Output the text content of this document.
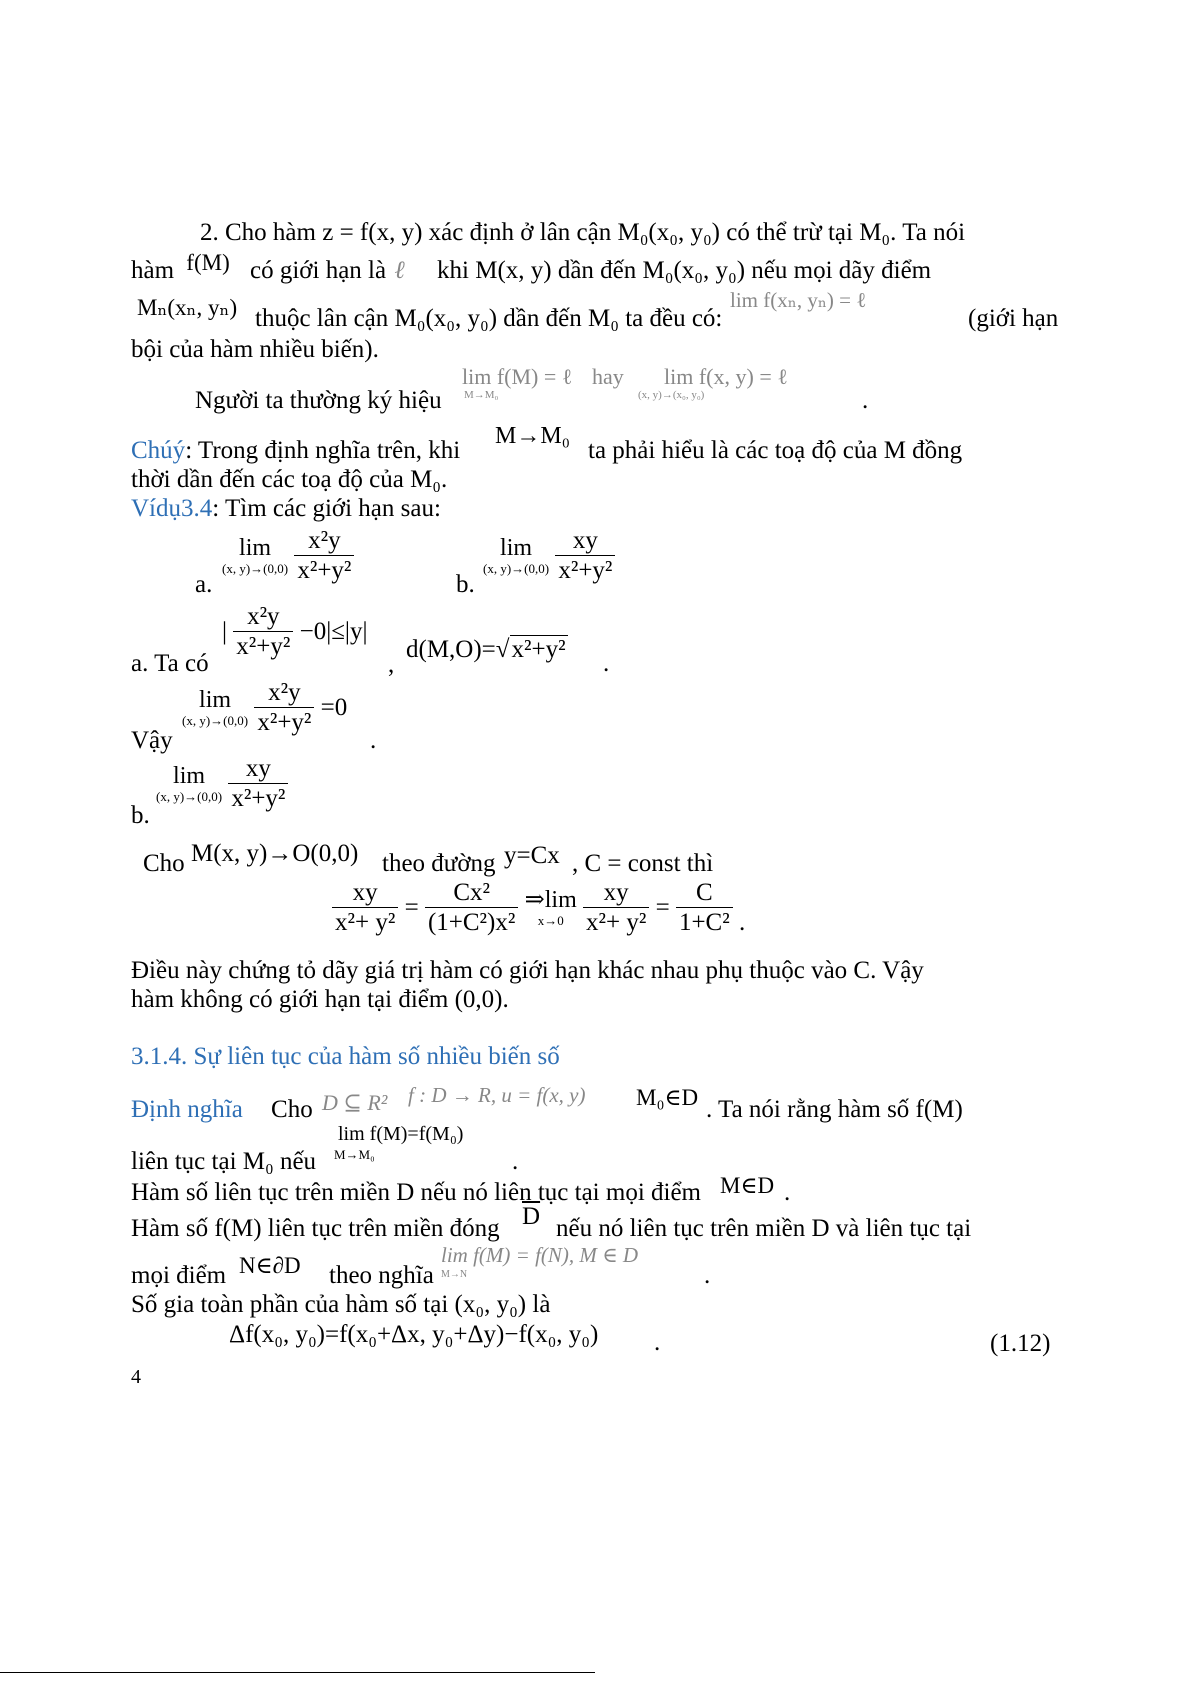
2. Cho hàm z = f(x, y) xác định ở lân cận M₀(x₀, y₀) có thể trừ tại M₀. Ta nói
hàm f(M) có giới hạn là ℓ khi M(x, y) dần đến M₀(x₀, y₀) nếu mọi dãy điểm
Mₙ(xₙ, yₙ) thuộc lân cận M₀(x₀, y₀) dần đến M₀ ta đều có:
lim f(xₙ, yₙ) = ℓ
(giới hạn
bội của hàm nhiều biến).
Người ta thường ký hiệu
lim f(M) = ℓ
M→M₀
hay lim f(x, y) = ℓ
(x, y)→(x₀, y₀)	.
Chúý: Trong định nghĩa trên, khi
M→M₀
ta phải hiểu là các toạ độ của M đồng
thời dần đến các toạ độ của M₀.
Vídụ3.4: Tìm các giới hạn sau:
a.
lim
(x, y)→(0,0)
$\frac{\text{x²y}}{\text{x²+y²}}$
b.
lim
(x, y)→(0,0)
$\frac{xy}{\text{x²+y²}}$
a. Ta có
| $\frac{\text{x²y}}{\text{x²+y²}} -0|\le|y|$
,
d(M,O)=√x²+y²
.
Vậy
lim
(x, y)→(0,0)
$\frac{\text{x²y}}{\text{x²+y²}} =0$
.
b.
lim
(x, y)→(0,0)
$\frac{xy}{\text{x²+y²}}$
Cho M(x, y)→O(0,0) theo đường y=Cx , C = const thì
$\frac{xy}{\text{x²+ y²}} = \frac{\text{Cx²}}{\text{(1+C²)x²}}$
⇒lim
x→0
$\frac{xy}{\text{x²+ y²}} = \frac{C}{\text{1+C²}}$ .
Điều này chứng tỏ dãy giá trị hàm có giới hạn khác nhau phụ thuộc vào C. Vậy
hàm không có giới hạn tại điểm (0,0).
3.1.4. Sự liên tục của hàm số nhiều biến số
Định nghĩa Cho D ⊆ R² f : D → R, u = f(x, y) M₀∈D . Ta nói rằng hàm số f(M)
lim f(M)=f(M₀)
M→M₀
liên tục tại M₀ nếu	.
Hàm số liên tục trên miền D nếu nó liên tục tại mọi điểm M∈D .
Hàm số f(M) liên tục trên miền đóng $\overline{D}$ nếu nó liên tục trên miền D và liên tục tại
mọi điểm N∈∂D theo nghĩa
lim f(M) = f(N), M ∈ D
M→N	.
Số gia toàn phần của hàm số tại (x₀, y₀) là
Δf(x₀, y₀)=f(x₀+Δx, y₀+Δy)−f(x₀, y₀) .	(1.12)
4
